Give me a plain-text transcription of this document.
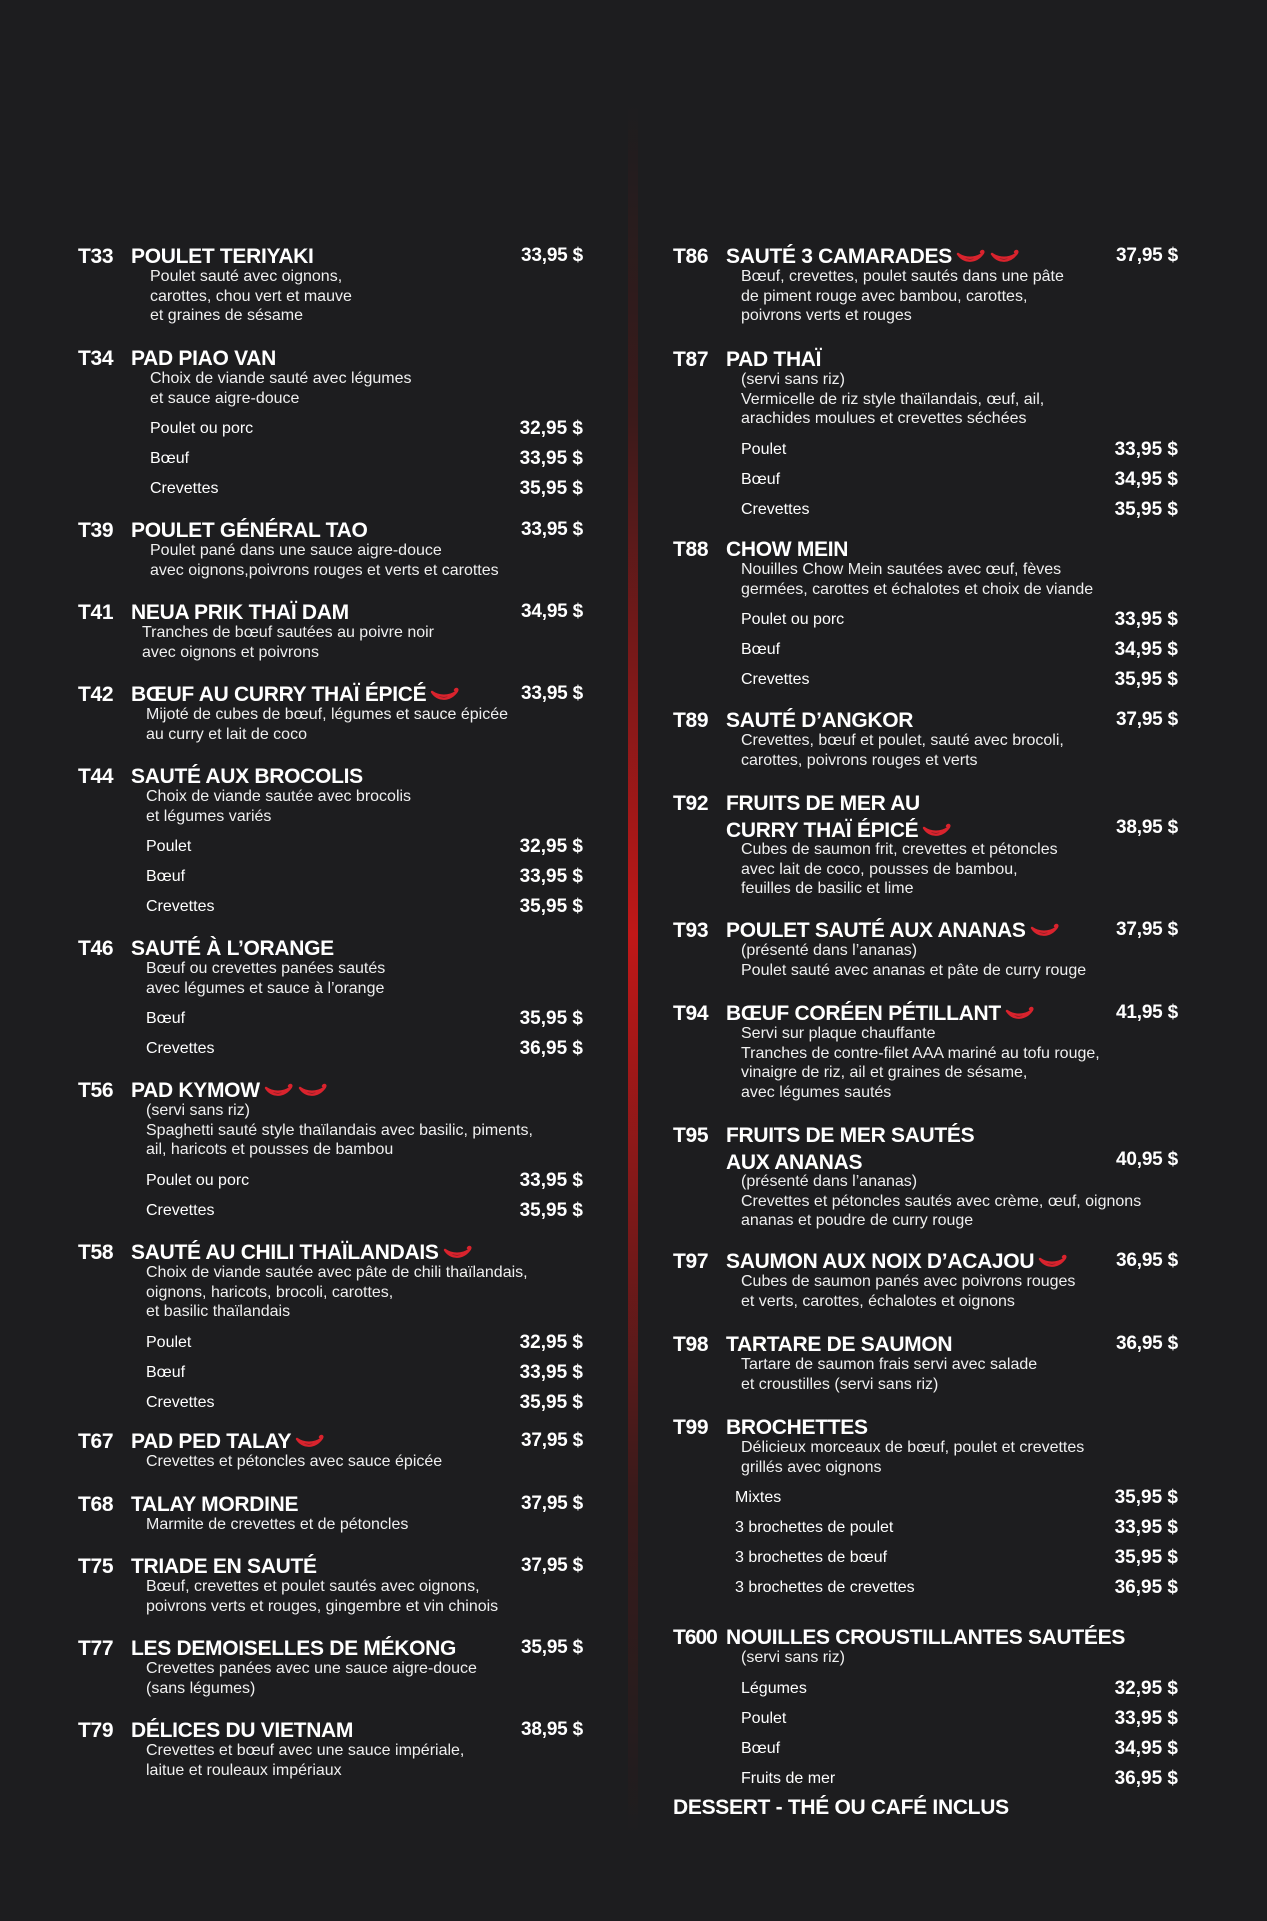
T33 POULET TERIYAKI	33,95 $
Poulet sauté avec oignons,
carottes, chou vert et mauve
et graines de sésame
T34 PAD PIAO VAN
Choix de viande sauté avec légumes
et sauce aigre-douce
Poulet ou porc	32,95 $
Bœuf	33,95 $
Crevettes	35,95 $
T39 POULET GÉNÉRAL TAO	33,95 $
Poulet pané dans une sauce aigre-douce
avec oignons,poivrons rouges et verts et carottes
T41 NEUA PRIK THAÏ DAM	34,95 $
Tranches de bœuf sautées au poivre noir
avec oignons et poivrons
T42 BŒUF AU CURRY THAÏ ÉPICÉ	33,95 $
Mijoté de cubes de bœuf, légumes et sauce épicée
au curry et lait de coco
T44 SAUTÉ AUX BROCOLIS
Choix de viande sautée avec brocolis
et légumes variés
Poulet	32,95 $
Bœuf	33,95 $
Crevettes	35,95 $
T46 SAUTÉ À L’ORANGE
Bœuf ou crevettes panées sautés
avec légumes et sauce à l’orange
Bœuf	35,95 $
Crevettes	36,95 $
T56 PAD KYMOW
(servi sans riz)
Spaghetti sauté style thaïlandais avec basilic, piments,
ail, haricots et pousses de bambou
Poulet ou porc	33,95 $
Crevettes	35,95 $
T58 SAUTÉ AU CHILI THAÏLANDAIS
Choix de viande sautée avec pâte de chili thaïlandais,
oignons, haricots, brocoli, carottes,
et basilic thaïlandais
Poulet	32,95 $
Bœuf	33,95 $
Crevettes	35,95 $
T67 PAD PED TALAY	37,95 $
Crevettes et pétoncles avec sauce épicée
T68 TALAY MORDINE	37,95 $
Marmite de crevettes et de pétoncles
T75 TRIADE EN SAUTÉ	37,95 $
Bœuf, crevettes et poulet sautés avec oignons,
poivrons verts et rouges, gingembre et vin chinois
T77 LES DEMOISELLES DE MÉKONG	35,95 $
Crevettes panées avec une sauce aigre-douce
(sans légumes)
T79 DÉLICES DU VIETNAM	38,95 $
Crevettes et bœuf avec une sauce impériale,
laitue et rouleaux impériaux
T86 SAUTÉ 3 CAMARADES	37,95 $
Bœuf, crevettes, poulet sautés dans une pâte
de piment rouge avec bambou, carottes,
poivrons verts et rouges
T87 PAD THAÏ
(servi sans riz)
Vermicelle de riz style thaïlandais, œuf, ail,
arachides moulues et crevettes séchées
Poulet	33,95 $
Bœuf	34,95 $
Crevettes	35,95 $
T88 CHOW MEIN
Nouilles Chow Mein sautées avec œuf, fèves
germées, carottes et échalotes et choix de viande
Poulet ou porc	33,95 $
Bœuf	34,95 $
Crevettes	35,95 $
T89 SAUTÉ D’ANGKOR	37,95 $
Crevettes, bœuf et poulet, sauté avec brocoli,
carottes, poivrons rouges et verts
T92 FRUITS DE MER AU
CURRY THAÏ ÉPICÉ	38,95 $
Cubes de saumon frit, crevettes et pétoncles
avec lait de coco, pousses de bambou,
feuilles de basilic et lime
T93 POULET SAUTÉ AUX ANANAS	37,95 $
(présenté dans l’ananas)
Poulet sauté avec ananas et pâte de curry rouge
T94 BŒUF CORÉEN PÉTILLANT	41,95 $
Servi sur plaque chauffante
Tranches de contre-filet AAA mariné au tofu rouge,
vinaigre de riz, ail et graines de sésame,
avec légumes sautés
T95 FRUITS DE MER SAUTÉS
AUX ANANAS	40,95 $
(présenté dans l’ananas)
Crevettes et pétoncles sautés avec crème, œuf, oignons
ananas et poudre de curry rouge
T97 SAUMON AUX NOIX D’ACAJOU	36,95 $
Cubes de saumon panés avec poivrons rouges
et verts, carottes, échalotes et oignons
T98 TARTARE DE SAUMON	36,95 $
Tartare de saumon frais servi avec salade
et croustilles (servi sans riz)
T99 BROCHETTES
Délicieux morceaux de bœuf, poulet et crevettes
grillés avec oignons
Mixtes	35,95 $
3 brochettes de poulet	33,95 $
3 brochettes de bœuf	35,95 $
3 brochettes de crevettes	36,95 $
T600 NOUILLES CROUSTILLANTES SAUTÉES
(servi sans riz)
Légumes	32,95 $
Poulet	33,95 $
Bœuf	34,95 $
Fruits de mer	36,95 $
DESSERT - THÉ OU CAFÉ INCLUS
